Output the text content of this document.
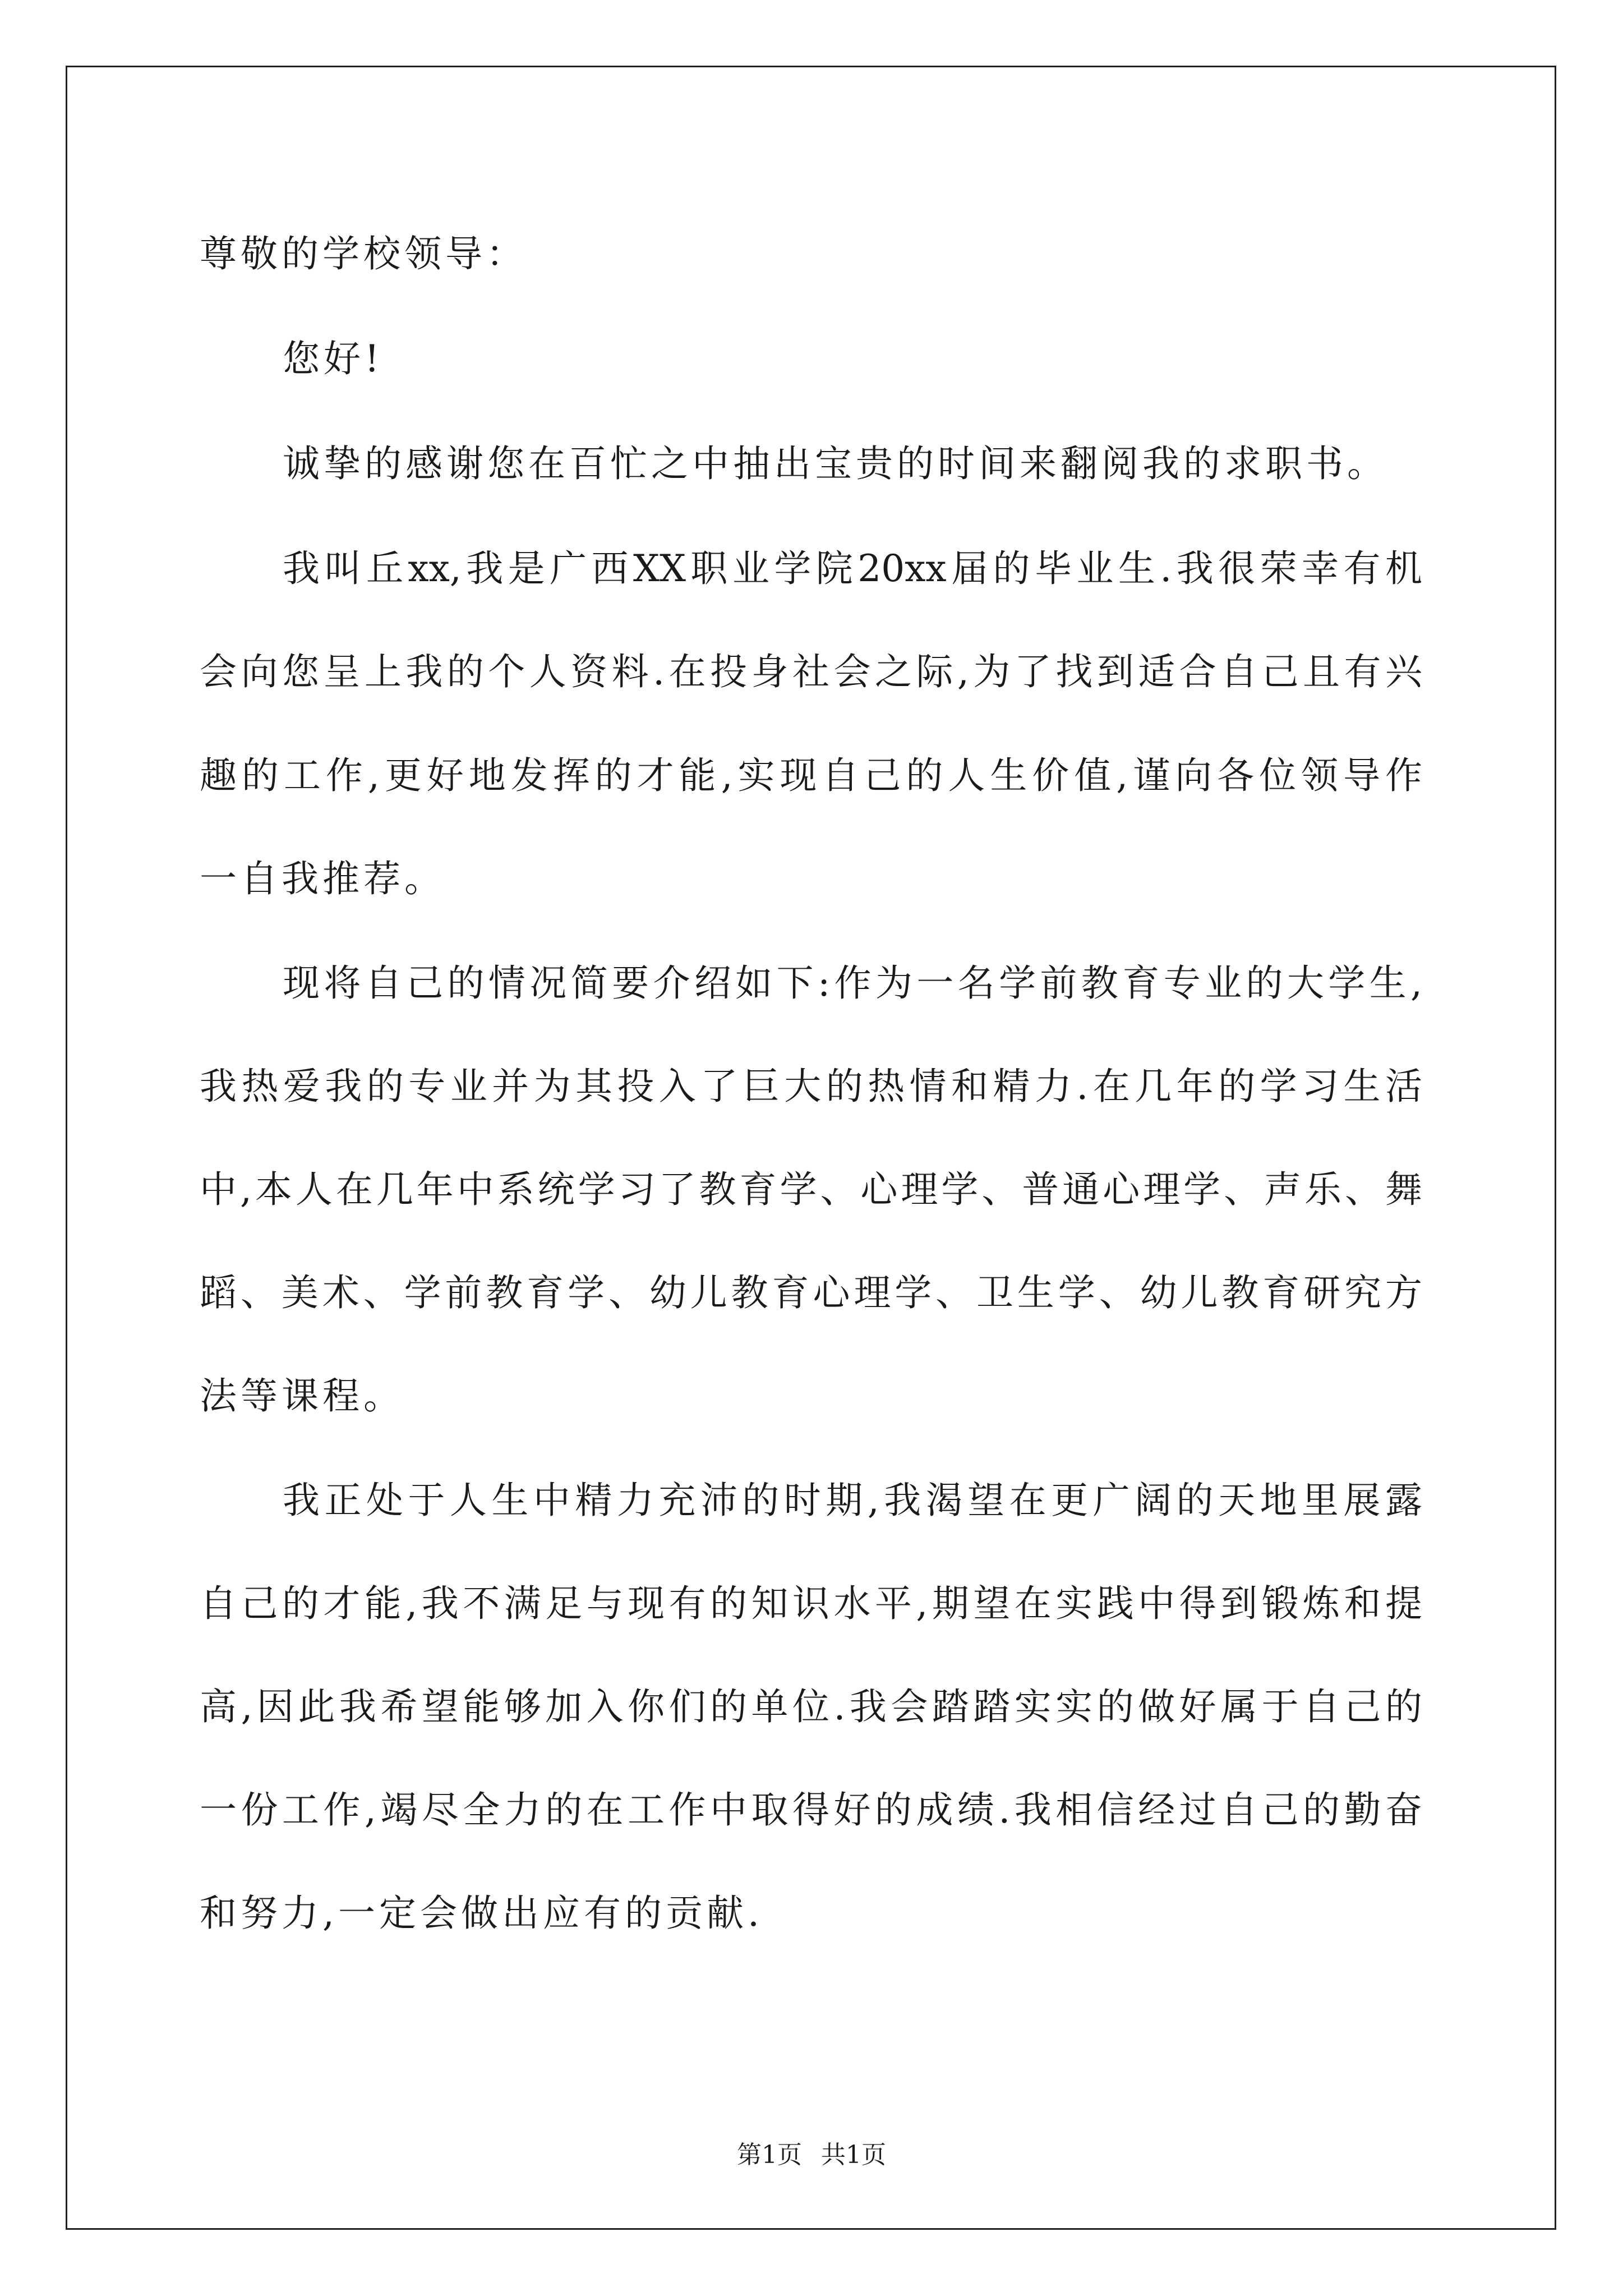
尊敬的学校领导：
您好!
诚挚的感谢您在百忙之中抽出宝贵的时间来翻阅我的求职书。
我叫丘xx,我是广西XX职业学院20xx届的毕业生.我很荣幸有机
会向您呈上我的个人资料.在投身社会之际,为了找到适合自己且有兴
趣的工作,更好地发挥的才能,实现自己的人生价值,谨向各位领导作
一自我推荐。
现将自己的情况简要介绍如下:作为一名学前教育专业的大学生,
我热爱我的专业并为其投入了巨大的热情和精力.在几年的学习生活
中,本人在几年中系统学习了教育学、心理学、普通心理学、声乐、舞
蹈、美术、学前教育学、幼儿教育心理学、卫生学、幼儿教育研究方
法等课程。
我正处于人生中精力充沛的时期,我渴望在更广阔的天地里展露
自己的才能,我不满足与现有的知识水平,期望在实践中得到锻炼和提
高,因此我希望能够加入你们的单位.我会踏踏实实的做好属于自己的
一份工作,竭尽全力的在工作中取得好的成绩.我相信经过自己的勤奋
和努力,一定会做出应有的贡献.
第1页 共1页
